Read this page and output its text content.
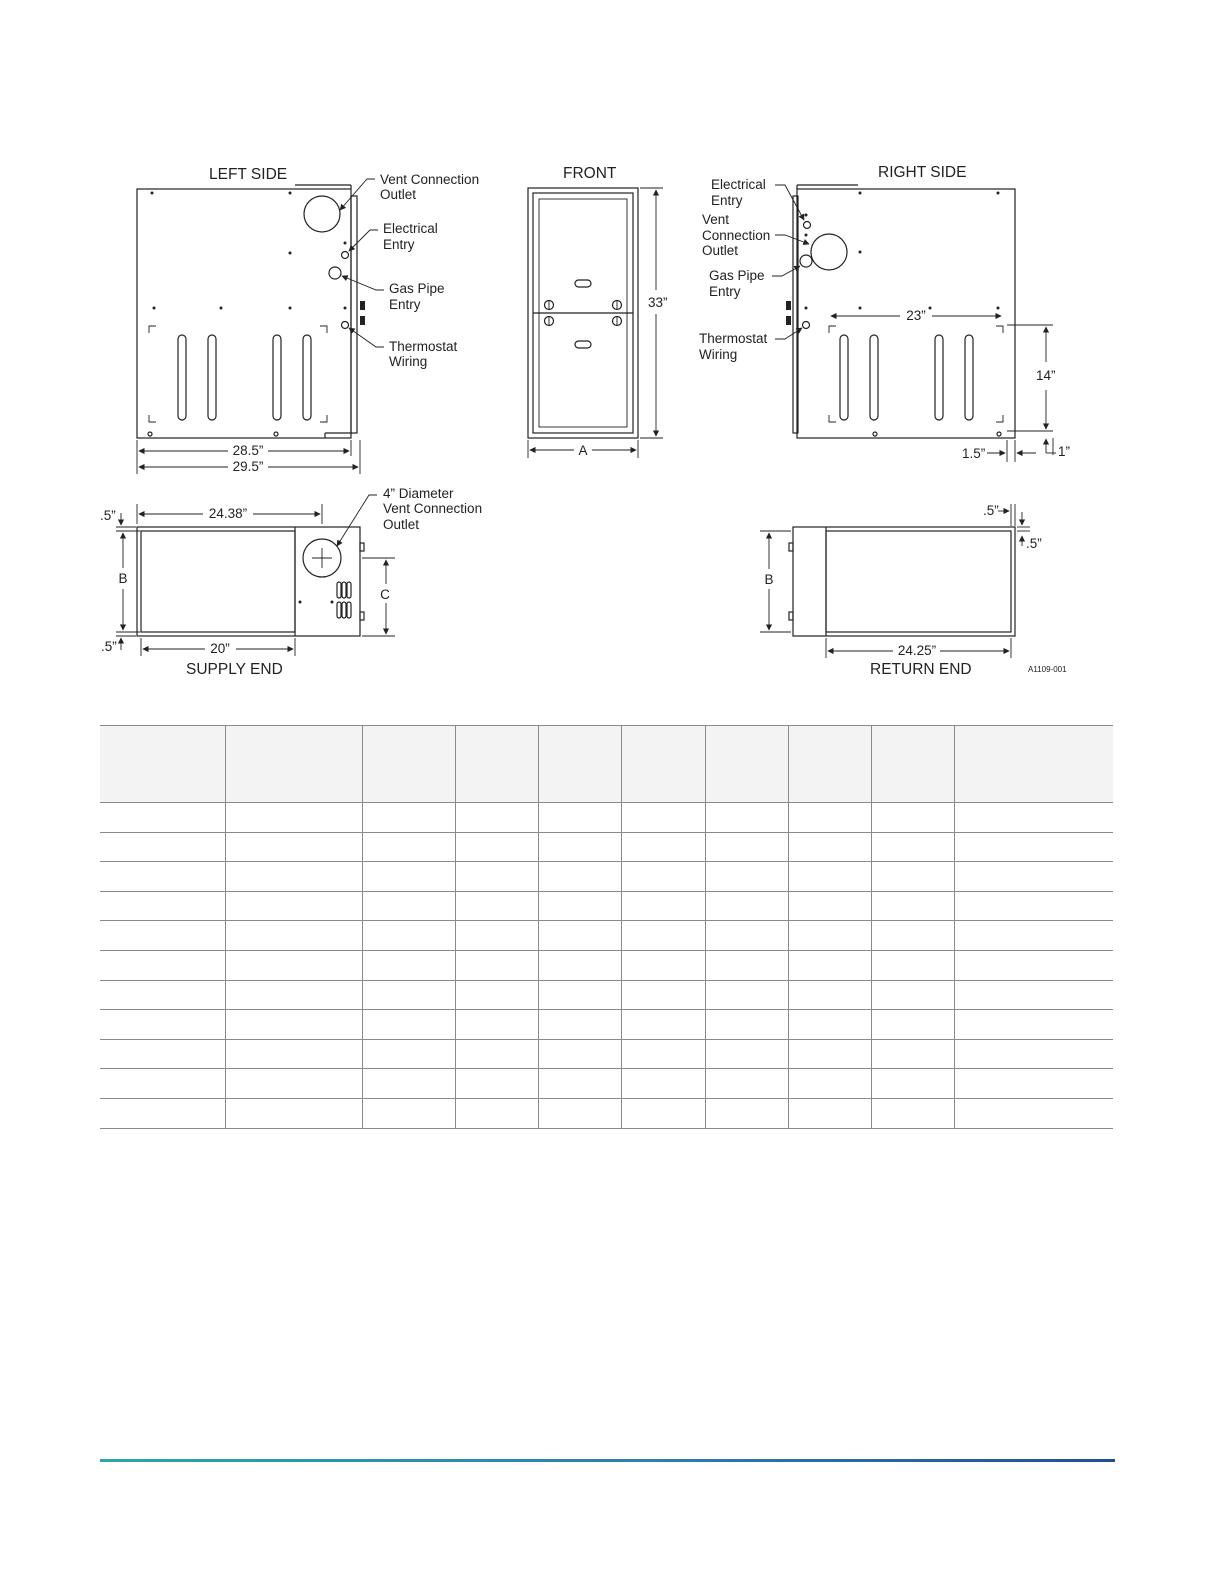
LEFT SIDE	Vent Connection
Outlet
Electrical
Entry
Gas Pipe
Entry
Thermostat
Wiring
28.5”
29.5”
FRONT
33”
A
RIGHT SIDE
Electrical
Entry
Vent
Connection
Outlet
Gas Pipe
Entry
Thermostat
Wiring
23”
14”
1.5”	1”
4” Diameter
Vent Connection
Outlet
24.38”
.5”
B
.5”
C
20”
SUPPLY END
.5”
.5”
B
24.25”
RETURN END	A1109-001
